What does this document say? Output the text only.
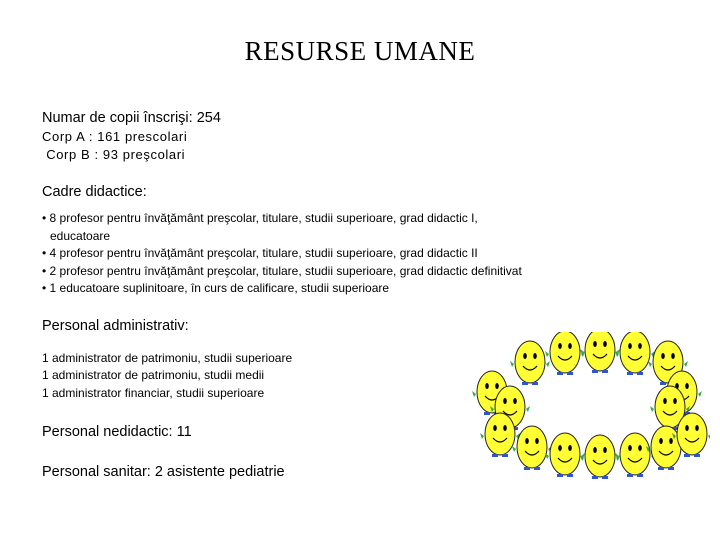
RESURSE UMANE
Numar de copii înscrişi: 254
Corp A : 161 prescolari
Corp B : 93 preşcolari
Cadre didactice:
• 8 profesor pentru învăţământ preşcolar, titulare, studii superioare, grad didactic I, educatoare
• 4 profesor pentru învăţământ preşcolar, titulare, studii superioare, grad didactic II
• 2 profesor pentru învăţământ preşcolar, titulare, studii superioare, grad didactic definitivat
• 1 educatoare suplinitoare, în curs de calificare, studii superioare
Personal administrativ:
1 administrator de patrimoniu, studii superioare
1 administrator de patrimoniu, studii medii
1 administrator financiar, studii superioare
Personal nedidactic: 11
Personal sanitar: 2 asistente pediatrie
